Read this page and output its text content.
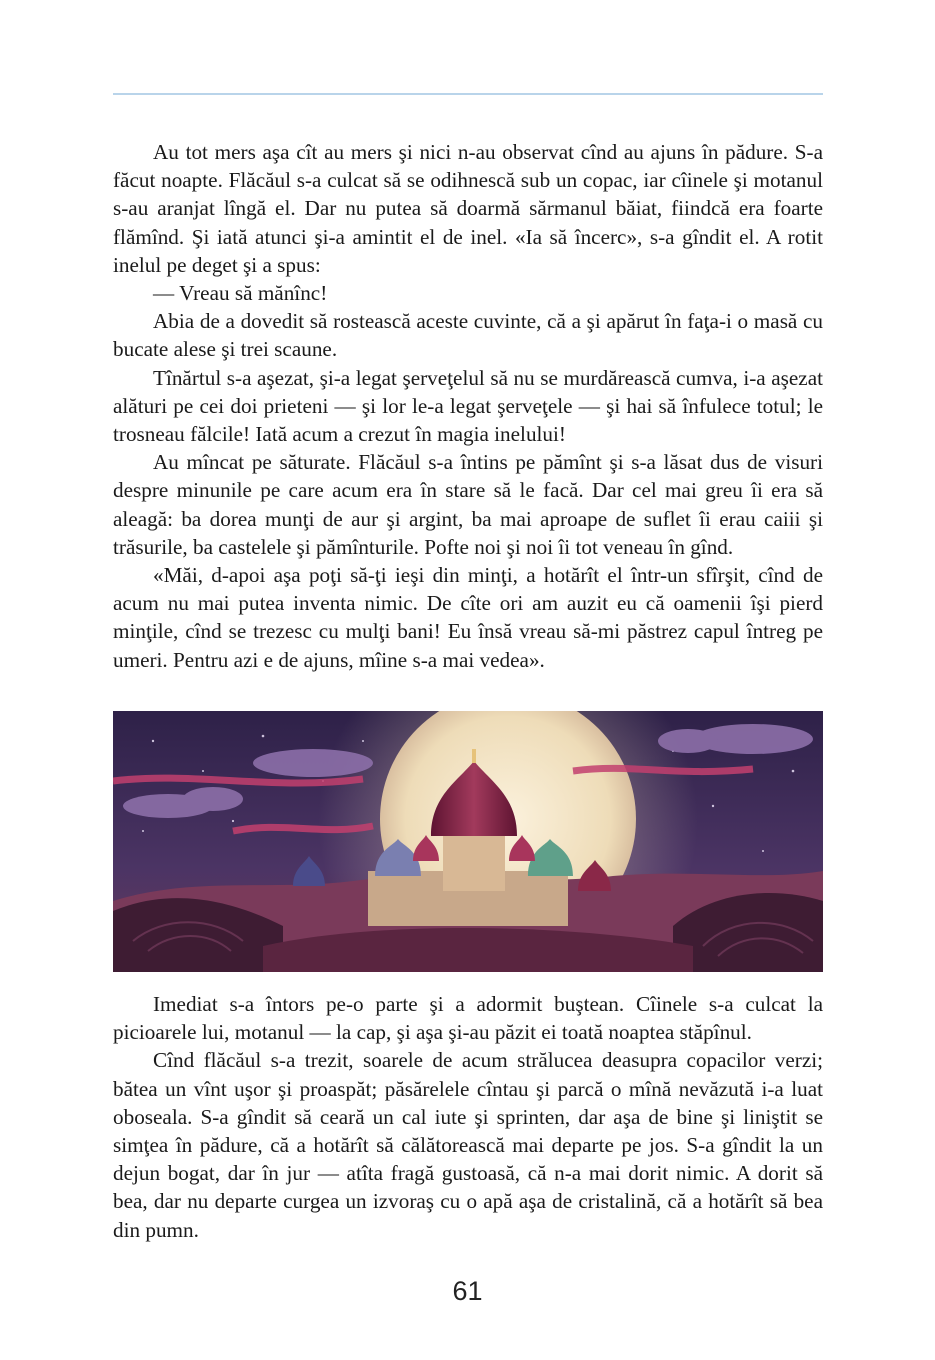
Au tot mers aşa cît au mers şi nici n-au observat cînd au ajuns în pădure. S-a făcut noapte. Flăcăul s-a culcat să se odihnescă sub un copac, iar cîinele şi motanul s-au aranjat lîngă el. Dar nu putea să doarmă sărmanul băiat, fiindcă era foarte flămînd. Şi iată atunci şi-a amintit el de inel. «Ia să încerc», s-a gîndit el. A rotit inelul pe deget şi a spus:

— Vreau să mănînc!

Abia de a dovedit să rostească aceste cuvinte, că a şi apărut în faţa-i o masă cu bucate alese şi trei scaune.

Tînărtul s-a aşezat, şi-a legat şerveţelul să nu se murdărească cumva, i-a aşezat alături pe cei doi prieteni — şi lor le-a legat şerveţele — şi hai să înfulece totul; le trosneau fălcile! Iată acum a crezut în magia inelului!

Au mîncat pe săturate. Flăcăul s-a întins pe pămînt şi s-a lăsat dus de visuri despre minunile pe care acum era în stare să le facă. Dar cel mai greu îi era să aleagă: ba dorea munţi de aur şi argint, ba mai aproape de suflet îi erau caiii şi trăsurile, ba castelele şi pămînturile. Pofte noi şi noi îi tot veneau în gînd.

«Măi, d-apoi aşa poţi să-ţi ieşi din minţi, a hotărît el într-un sfîrşit, cînd de acum nu mai putea inventa nimic. De cîte ori am auzit eu că oamenii îşi pierd minţile, cînd se trezesc cu mulţi bani! Eu însă vreau să-mi păstrez capul întreg pe umeri. Pentru azi e de ajuns, mîine s-a mai vedea».

Imediat s-a întors pe-o parte şi a adormit buştean. Cîinele s-a culcat la picioarele lui, motanul — la cap, şi aşa şi-au păzit ei toată noaptea stăpînul.

Cînd flăcăul s-a trezit, soarele de acum strălucea deasupra copacilor verzi; bătea un vînt uşor şi proaspăt; păsărelele cîntau şi parcă o mînă nevăzută i-a luat oboseala. S-a gîndit să ceară un cal iute şi sprinten, dar aşa de bine şi liniştit se simţea în pădure, că a hotărît să călătorească mai departe pe jos. S-a gîndit la un dejun bogat, dar în jur — atîta fragă gustoasă, că n-a mai dorit nimic. A dorit să bea, dar nu departe curgea un izvoraş cu o apă aşa de cristalină, că a hotărît să bea din pumn.

61
